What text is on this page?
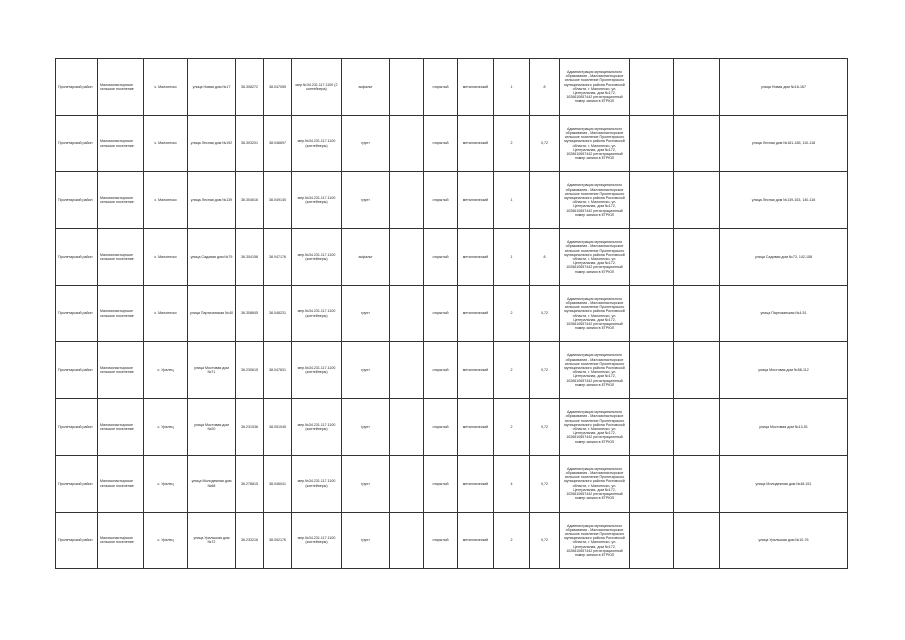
Пролетарский район	Маломонастырское сельское поселение	с. Малонеско	улица Новая дом №17	36.308272	38.047055	мер.№34.231.117.1100 (2 контейнера)	асфальт		открытый	металлический	1	8	Администрация муниципального образования - Маломонастырское сельское поселение Пролетарского муниципального района Ростовской области, г. Малонеско, ул. Центральная, дом №172, 1026610657442 регистрационный номер записи в ЕГРЮЛ			улица Новая дом №16-167
Пролетарский район	Маломонастырское сельское поселение	с. Малонеско	улица Лесная дом №192	36.303201	38.046697	мер.№34.231.117.1100 (контейнеры)	грунт		открытый	металлический	2	0,72	Администрация муниципального образования - Маломонастырское сельское поселение Пролетарского муниципального района Ростовской области, г. Малонеско, ул. Центральная, дом №172, 1026610657442 регистрационный номер записи в ЕГРЮЛ			улица Лесная дом №181-185, 110-118
Пролетарский район	Маломонастырское сельское поселение	с. Малонеско	улица Лесная дом №139	36.304616	38.049145	мер.№34.231.117.1100 (контейнеры)	грунт		открытый	металлический	1		Администрация муниципального образования - Маломонастырское сельское поселение Пролетарского муниципального района Ростовской области, г. Малонеско, ул. Центральная, дом №172, 1026610657442 регистрационный номер записи в ЕГРЮЛ			улица Лесная дом №139-163, 140-116
Пролетарский район	Маломонастырское сельское поселение	с. Малонеско	улица Садовая дом №79	36.304158	38.047176	мер.№34.231.117.1100 (контейнеры)	асфальт		открытый	металлический	1	8	Администрация муниципального образования - Маломонастырское сельское поселение Пролетарского муниципального района Ростовской области, г. Малонеско, ул. Центральная, дом №172, 1026610657442 регистрационный номер записи в ЕГРЮЛ			улица Садовая дом №73, 142-158
Пролетарский район	Маломонастырское сельское поселение	с. Малонеско	улица Партизанская №40	36.308845	38.048231	мер.№34.231.117.1100 (контейнеры)	грунт		открытый	металлический	2	0,72	Администрация муниципального образования - Маломонастырское сельское поселение Пролетарского муниципального района Ростовской области, г. Малонеско, ул. Центральная, дом №172, 1026610657442 регистрационный номер записи в ЕГРЮЛ			улица Партизанская №4-51
Пролетарский район	Маломонастырское сельское поселение	с. Уралец	улица Мостовая дом №71	36.230615	38.047831	мер.№34.231.117.1100 (контейнеры)	грунт		открытый	металлический	2	0,72	Администрация муниципального образования - Маломонастырское сельское поселение Пролетарского муниципального района Ростовской области, г. Малонеско, ул. Центральная, дом №172, 1026610657442 регистрационный номер записи в ЕГРЮЛ			улица Мостовая дом №58-112
Пролетарский район	Маломонастырское сельское поселение	с. Уралец	улица Мостовая дом №20	36.231036	38.051045	мер.№34.231.117.1100 (контейнеры)	грунт		открытый	металлический	2	0,72	Администрация муниципального образования - Маломонастырское сельское поселение Пролетарского муниципального района Ростовской области, г. Малонеско, ул. Центральная, дом №172, 1026610657442 регистрационный номер записи в ЕГРЮЛ			улица Мостовая дом №13-51
Пролетарский район	Маломонастырское сельское поселение	с. Уралец	улица Молодежная дом №68	36.278815	38.046041	мер.№34.231.117.1100 (контейнеры)	грунт		открытый	металлический	4	0,72	Администрация муниципального образования - Маломонастырское сельское поселение Пролетарского муниципального района Ростовской области, г. Малонеско, ул. Центральная, дом №172, 1026610657442 регистрационный номер записи в ЕГРЮЛ			улица Молодежная дом №48-151
Пролетарский район	Маломонастырское сельское поселение	с. Уралец	улица Уральская дом №72	36.233216	38.052176	мер.№34.231.117.1100 (контейнеры)	грунт		открытый	металлический	2	0,72	Администрация муниципального образования - Маломонастырское сельское поселение Пролетарского муниципального района Ростовской области, г. Малонеско, ул. Центральная, дом №172, 1026610657442 регистрационный номер записи в ЕГРЮЛ			улица Уральская дом №10-76
